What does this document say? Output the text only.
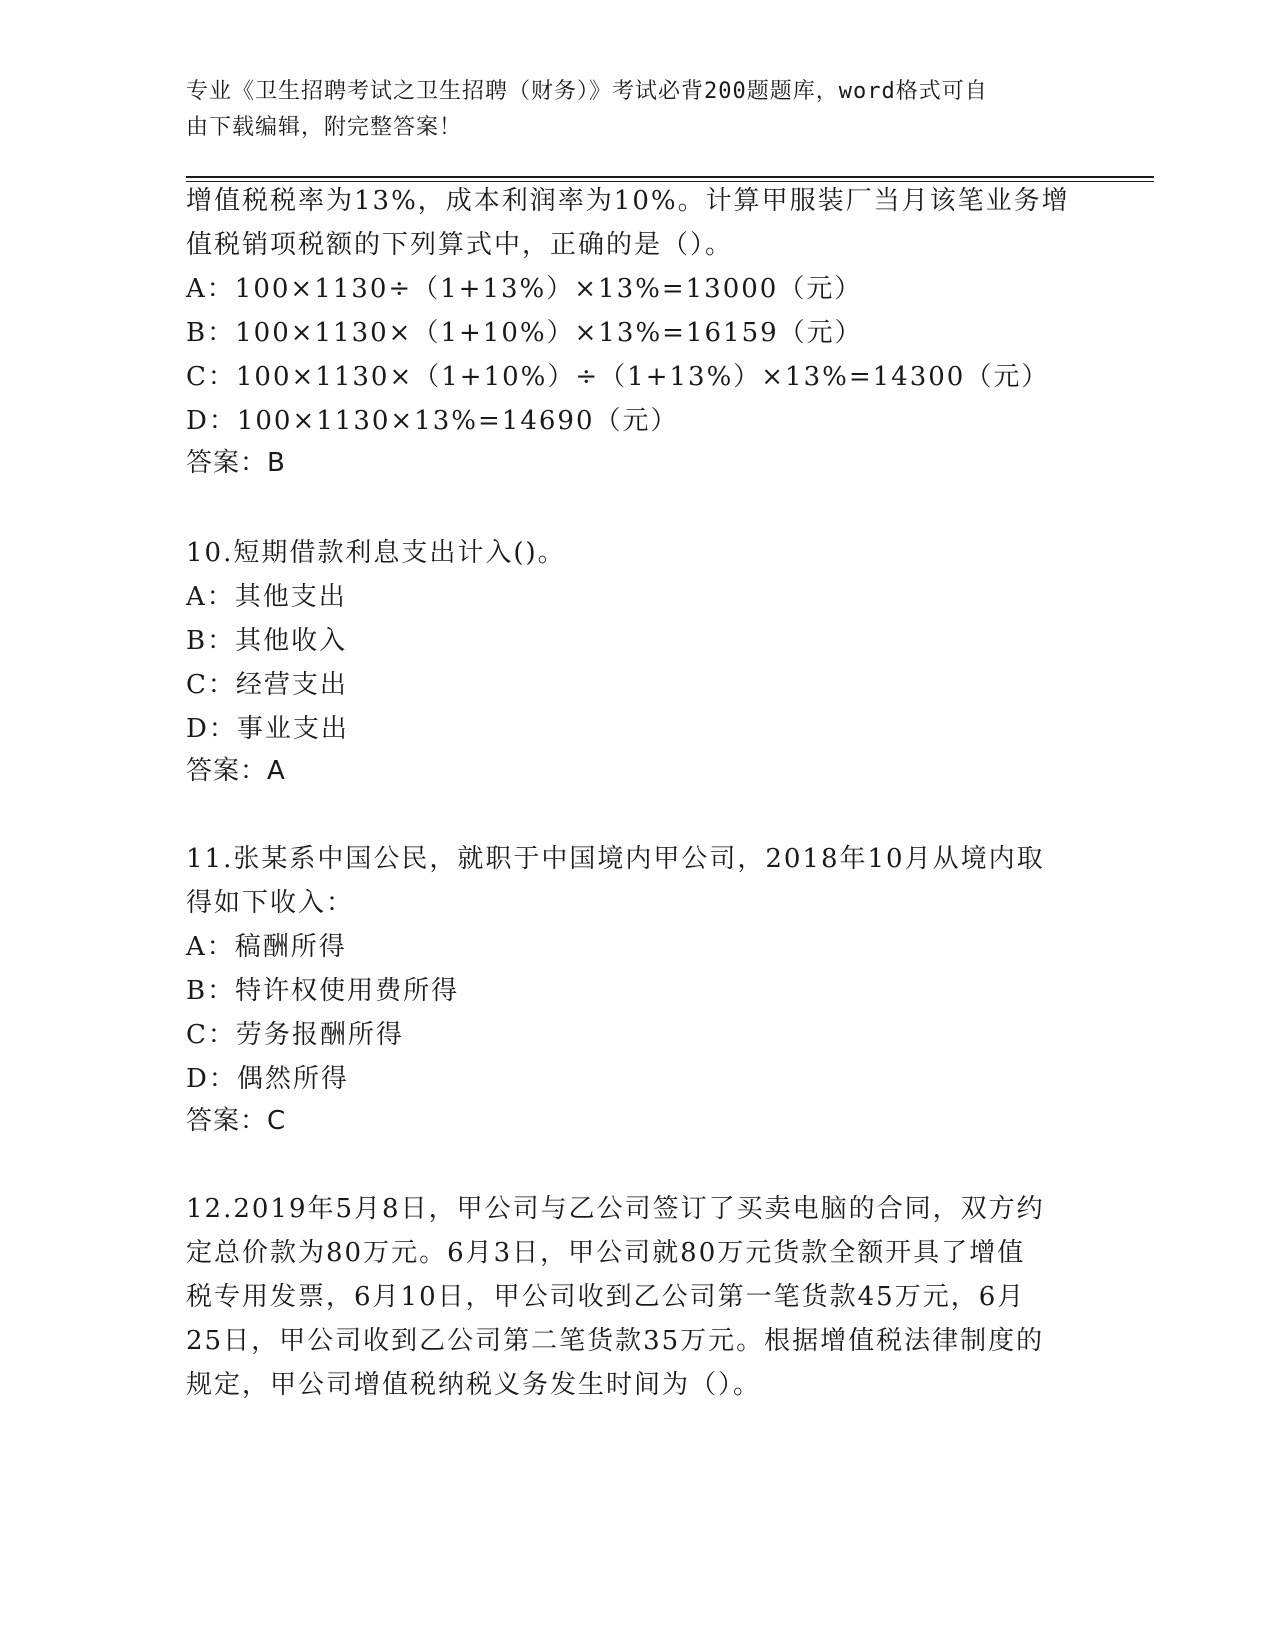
专业《卫生招聘考试之卫生招聘（财务）》考试必背200题题库，word格式可自
由下载编辑，附完整答案！
增值税税率为13%，成本利润率为10%。计算甲服装厂当月该笔业务增
值税销项税额的下列算式中，正确的是（）。
A：100×1130÷（1+13%）×13%=13000（元）
B：100×1130×（1+10%）×13%=16159（元）
C：100×1130×（1+10%）÷（1+13%）×13%=14300（元）
D：100×1130×13%=14690（元）
答案：B
10.短期借款利息支出计入()。
A：其他支出
B：其他收入
C：经营支出
D：事业支出
答案：A
11.张某系中国公民，就职于中国境内甲公司，2018年10月从境内取
得如下收入：
A：稿酬所得
B：特许权使用费所得
C：劳务报酬所得
D：偶然所得
答案：C
12.2019年5月8日，甲公司与乙公司签订了买卖电脑的合同，双方约
定总价款为80万元。6月3日，甲公司就80万元货款全额开具了增值
税专用发票，6月10日，甲公司收到乙公司第一笔货款45万元，6月
25日，甲公司收到乙公司第二笔货款35万元。根据增值税法律制度的
规定，甲公司增值税纳税义务发生时间为（）。
